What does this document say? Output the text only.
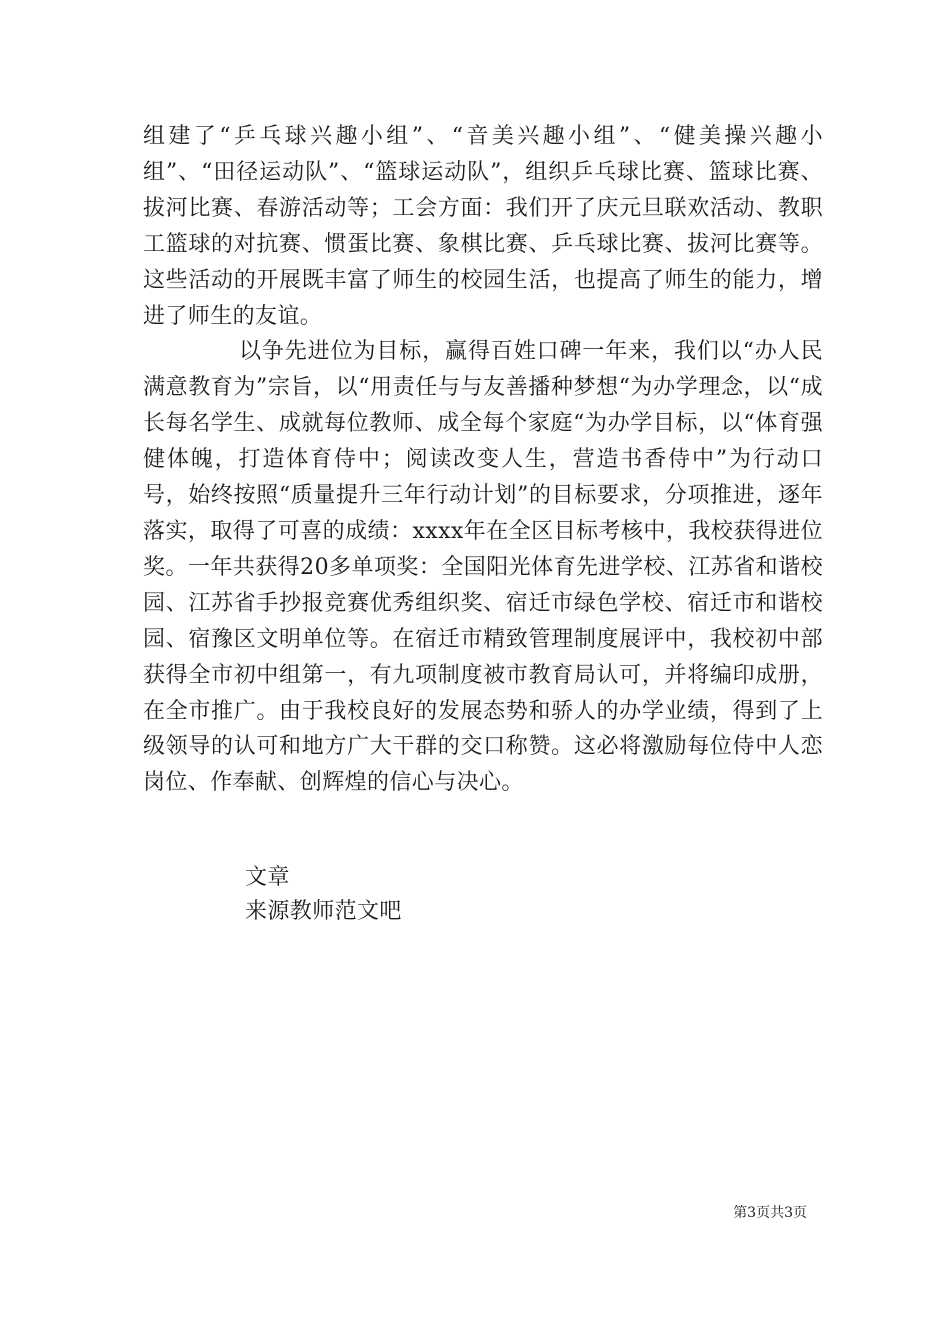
组建了“乒乓球兴趣小组”、“音美兴趣小组”、“健美操兴趣小组”、“田径运动队”、“篮球运动队”，组织乒乓球比赛、篮球比赛、拔河比赛、春游活动等；工会方面：我们开了庆元旦联欢活动、教职工篮球的对抗赛、惯蛋比赛、象棋比赛、乒乓球比赛、拔河比赛等。这些活动的开展既丰富了师生的校园生活，也提高了师生的能力，增进了师生的友谊。

以争先进位为目标，赢得百姓口碑一年来，我们以“办人民满意教育为”宗旨，以“用责任与与友善播种梦想“为办学理念，以“成长每名学生、成就每位教师、成全每个家庭“为办学目标，以“体育强健体魄，打造体育侍中；阅读改变人生，营造书香侍中”为行动口号，始终按照“质量提升三年行动计划”的目标要求，分项推进，逐年落实，取得了可喜的成绩：xxxx年在全区目标考核中，我校获得进位奖。一年共获得20多单项奖：全国阳光体育先进学校、江苏省和谐校园、江苏省手抄报竞赛优秀组织奖、宿迁市绿色学校、宿迁市和谐校园、宿豫区文明单位等。在宿迁市精致管理制度展评中，我校初中部获得全市初中组第一，有九项制度被市教育局认可，并将编印成册，在全市推广。由于我校良好的发展态势和骄人的办学业绩，得到了上级领导的认可和地方广大干群的交口称赞。这必将激励每位侍中人恋岗位、作奉献、创辉煌的信心与决心。

文章
来源教师范文吧
第3页共3页
